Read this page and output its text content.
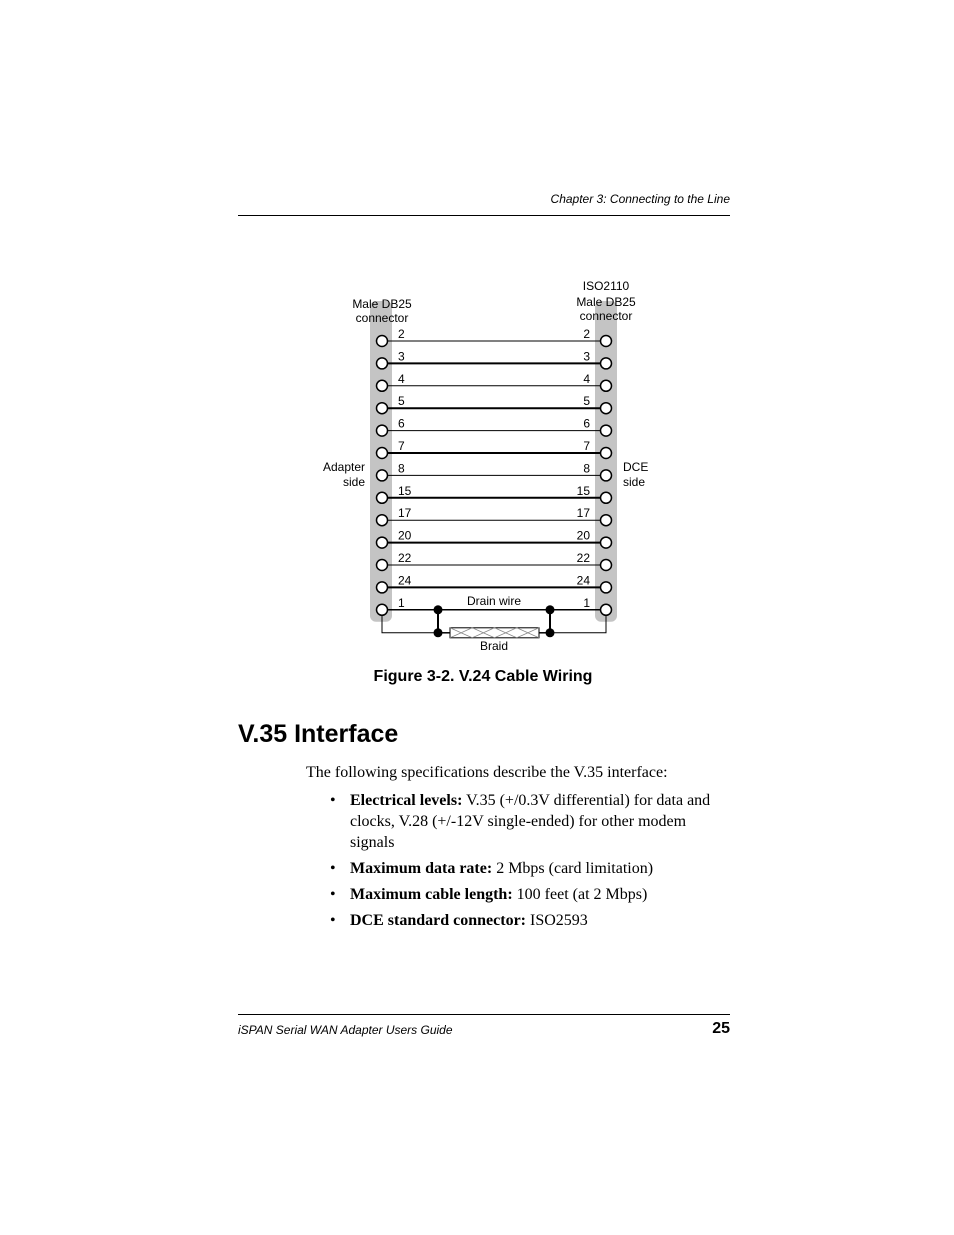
Chapter 3: Connecting to the Line
2	2
3	3
4	4
5	5
6	6
7	7
8	8
15	15
17	17
20	20
22	22
24	24
1	1
Male DB25
connector
ISO2110
Male DB25
connector
Adapter
side
DCE
side
Drain wire
Braid
Figure 3-2. V.24 Cable Wiring
V.35 Interface
The following specifications describe the V.35 interface:
• Electrical levels: V.35 (+/0.3V differential) for data and clocks, V.28 (+/-12V single-ended) for other modem signals
• Maximum data rate: 2 Mbps (card limitation)
• Maximum cable length: 100 feet (at 2 Mbps)
• DCE standard connector: ISO2593
iSPAN Serial WAN Adapter Users Guide	25
